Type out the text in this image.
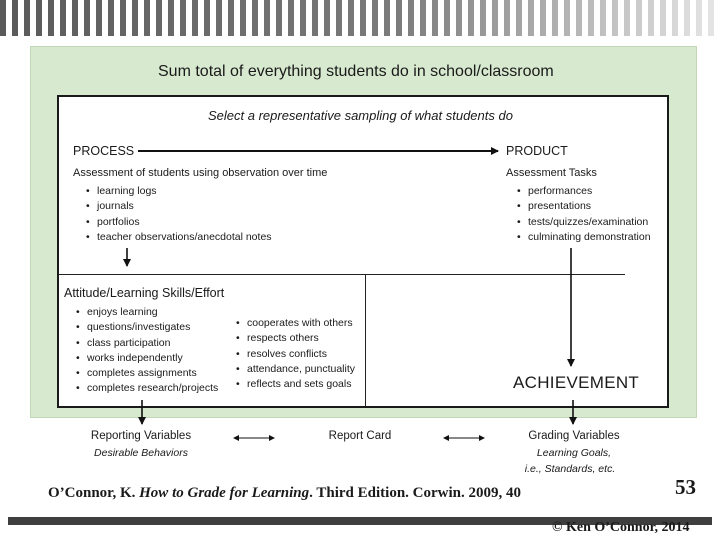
Sum total of everything students do in school/classroom
Select a representative sampling of what students do
PROCESS
Assessment of students using observation over time
• learning logs
• journals
• portfolios
• teacher observations/anecdotal notes
PRODUCT
Assessment Tasks
• performances
• presentations
• tests/quizzes/examination
• culminating demonstration
Attitude/Learning Skills/Effort
• enjoys learning
• questions/investigates
• class participation
• works independently
• completes assignments
• completes research/projects
• cooperates with others
• respects others
• resolves conflicts
• attendance, punctuality
• reflects and sets goals	ACHIEVEMENT
Reporting Variables
Desirable Behaviors
Report Card	Grading Variables
Learning Goals,
i.e., Standards, etc.
O’Connor, K. How to Grade for Learning. Third Edition. Corwin. 2009, 40	53
© Ken O’Connor, 2014
